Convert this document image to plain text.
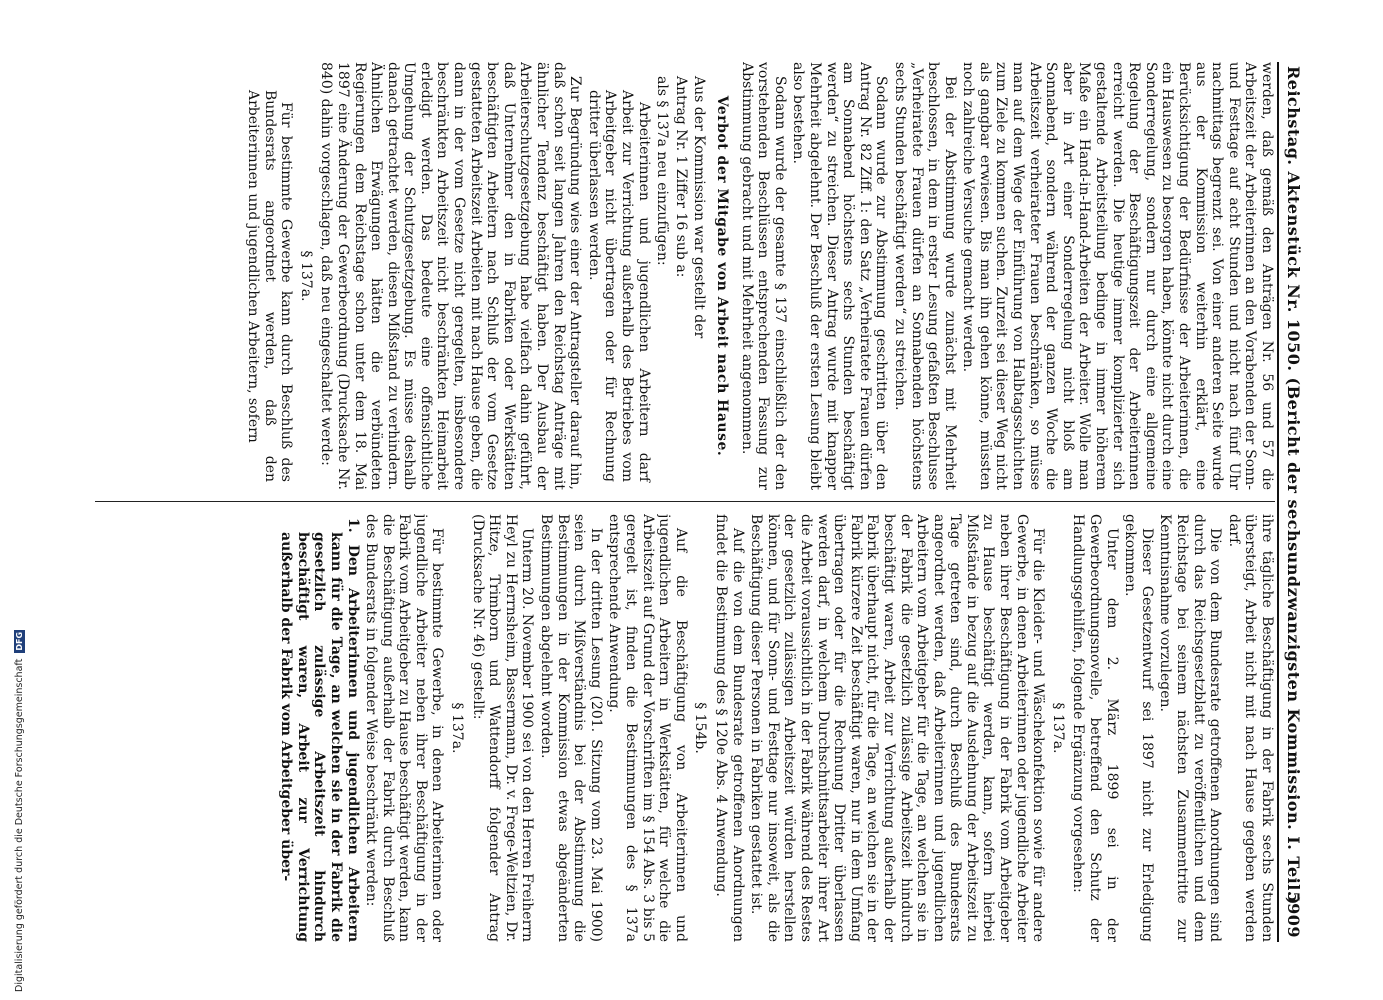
Reichstag. Aktenstück Nr. 1050. (Bericht der sechsundzwanzigsten Kommission. I. Teil.)
5909

werden, daß gemäß den Anträgen Nr. 56 und 57 die Arbeitszeit der Arbeiterinnen an den Vorabenden der Sonn- und Festtage auf acht Stunden und nicht nach fünf Uhr nachmittags begrenzt sei. Von einer anderen Seite wurde aus der Kommission weiterhin erklärt, eine Berücksichtigung der Bedürfnisse der Arbeiterinnen, die ein Hauswesen zu besorgen haben, könnte nicht durch eine Sonderregelung, sondern nur durch eine allgemeine Regelung der Beschäftigungszeit der Arbeiterinnen erreicht werden. Die heutige immer komplizierter sich gestaltende Arbeitsteilung bedinge in immer höherem Maße ein Hand-in-Hand-Arbeiten der Arbeiter. Wolle man aber in Art einer Sonderregelung nicht bloß am Sonnabend, sondern während der ganzen Woche die Arbeitszeit verheirateter Frauen beschränken, so müsse man auf dem Wege der Einführung von Halbtagsschichten zum Ziele zu kommen suchen. Zurzeit sei dieser Weg nicht als gangbar erwiesen. Bis man ihn gehen könne, müssten noch zahlreiche Versuche gemacht werden.

Bei der Abstimmung wurde zunächst mit Mehrheit beschlossen, in dem in erster Lesung gefaßten Beschlusse „Verheiratete Frauen dürfen an Sonnabenden höchstens sechs Stunden beschäftigt werden“ zu streichen.

Sodann wurde zur Abstimmung geschritten über den Antrag Nr. 82 Ziff. 1: den Satz „Verheiratete Frauen dürfen am Sonnabend höchstens sechs Stunden beschäftigt werden“ zu streichen. Dieser Antrag wurde mit knapper Mehrheit abgelehnt. Der Beschluß der ersten Lesung bleibt also bestehen.

Sodann wurde der gesamte § 137 einschließlich der den vorstehenden Beschlüssen entsprechenden Fassung zur Abstimmung gebracht und mit Mehrheit angenommen.

Verbot der Mitgabe von Arbeit nach Hause.

Aus der Kommission war gestellt der

Antrag Nr. 1 Ziffer 16 sub a:

als § 137a neu einzufügen:

Arbeiterinnen und jugendlichen Arbeitern darf Arbeit zur Verrichtung außerhalb des Betriebes vom Arbeitgeber nicht übertragen oder für Rechnung dritter überlassen werden.

Zur Begründung wies einer der Antragsteller darauf hin, daß schon seit langen Jahren den Reichstag Anträge mit ähnlicher Tendenz beschäftigt haben. Der Ausbau der Arbeiterschutzgesetzgebung habe vielfach dahin geführt, daß Unternehmer den in Fabriken oder Werkstätten beschäftigten Arbeitern nach Schluß der vom Gesetze gestatteten Arbeitszeit Arbeiten mit nach Hause geben, die dann in der vom Gesetze nicht geregelten, insbesondere beschränkten Arbeitszeit nicht beschränkten Heimarbeit erledigt werden. Das bedeute eine offensichtliche Umgehung der Schutzgesetzgebung. Es müsse deshalb danach getrachtet werden, diesen Mißstand zu verhindern. Ähnlichen Erwägungen hätten die verbündeten Regierungen dem Reichstage schon unter dem 18. Mai 1897 eine Änderung der Gewerbeordnung (Drucksache Nr. 840) dahin vorgeschlagen, daß neu eingeschaltet werde:

§ 137a.

Für bestimmte Gewerbe kann durch Beschluß des Bundesrats angeordnet werden, daß den Arbeiterinnen und jugendlichen Arbeitern, sofern

ihre tägliche Beschäftigung in der Fabrik sechs Stunden übersteigt, Arbeit nicht mit nach Hause gegeben werden darf.

Die von dem Bundesrate getroffenen Anordnungen sind durch das Reichsgesetzblatt zu veröffentlichen und dem Reichstage bei seinem nächsten Zusammentritte zur Kenntnisnahme vorzulegen.

Dieser Gesetzentwurf sei 1897 nicht zur Erledigung gekommen.

Unter dem 2. März 1899 sei in der Gewerbeordnungsnovelle, betreffend den Schutz der Handlungsgehilfen, folgende Ergänzung vorgesehen:

§ 137a.

Für die Kleider- und Wäschekonfektion sowie für andere Gewerbe, in denen Arbeiterinnen oder jugendliche Arbeiter neben ihrer Beschäftigung in der Fabrik vom Arbeitgeber zu Hause beschäftigt werden, kann, sofern hierbei Mißstände in bezug auf die Ausdehnung der Arbeitszeit zu Tage getreten sind, durch Beschluß des Bundesrats angeordnet werden, daß Arbeiterinnen und jugendlichen Arbeitern vom Arbeitgeber für die Tage, an welchen sie in der Fabrik die gesetzlich zulässige Arbeitszeit hindurch beschäftigt waren, Arbeit zur Verrichtung außerhalb der Fabrik überhaupt nicht, für die Tage, an welchen sie in der Fabrik kürzere Zeit beschäftigt waren, nur in dem Umfang übertragen oder für die Rechnung Dritter überlassen werden darf, in welchem Durchschnittsarbeiter ihrer Art die Arbeit voraussichtlich in der Fabrik während des Restes der gesetzlich zulässigen Arbeitszeit würden herstellen können, und für Sonn- und Festtage nur insoweit, als die Beschäftigung dieser Personen in Fabriken gestattet ist.

Auf die von dem Bundesrate getroffenen Anordnungen findet die Bestimmung des § 120e Abs. 4 Anwendung.

§ 154b.

Auf die Beschäftigung von Arbeiterinnen und jugendlichen Arbeitern in Werkstätten, für welche die Arbeitszeit auf Grund der Vorschriften im § 154 Abs. 3 bis 5 geregelt ist, finden die Bestimmungen des § 137a entsprechende Anwendung.

In der dritten Lesung (201. Sitzung vom 23. Mai 1900) seien durch Mißverständnis bei der Abstimmung die Bestimmungen in der Kommission etwas abgeänderten Bestimmungen abgelehnt worden.

Unterm 20. November 1900 sei von den Herren Freiherrn Heyl zu Herrnsheim, Bassermann, Dr. v. Frege-Weltzien, Dr. Hitze, Trimborn und Wattendorff folgender Antrag (Drucksache Nr. 46) gestellt:

§ 137a.

Für bestimmte Gewerbe, in denen Arbeiterinnen oder jugendliche Arbeiter neben ihrer Beschäftigung in der Fabrik vom Arbeitgeber zu Hause beschäftigt werden, kann die Beschäftigung außerhalb der Fabrik durch Beschluß des Bundesrats in folgender Weise beschränkt werden:

1. Den Arbeiterinnen und jugendlichen Arbeitern kann für die Tage, an welchen sie in der Fabrik die gesetzlich zulässige Arbeitszeit hindurch beschäftigt waren, Arbeit zur Verrichtung außerhalb der Fabrik vom Arbeitgeber über-

Digitalisierung gefördert durch die Deutsche Forschungsgemeinschaft DFG
